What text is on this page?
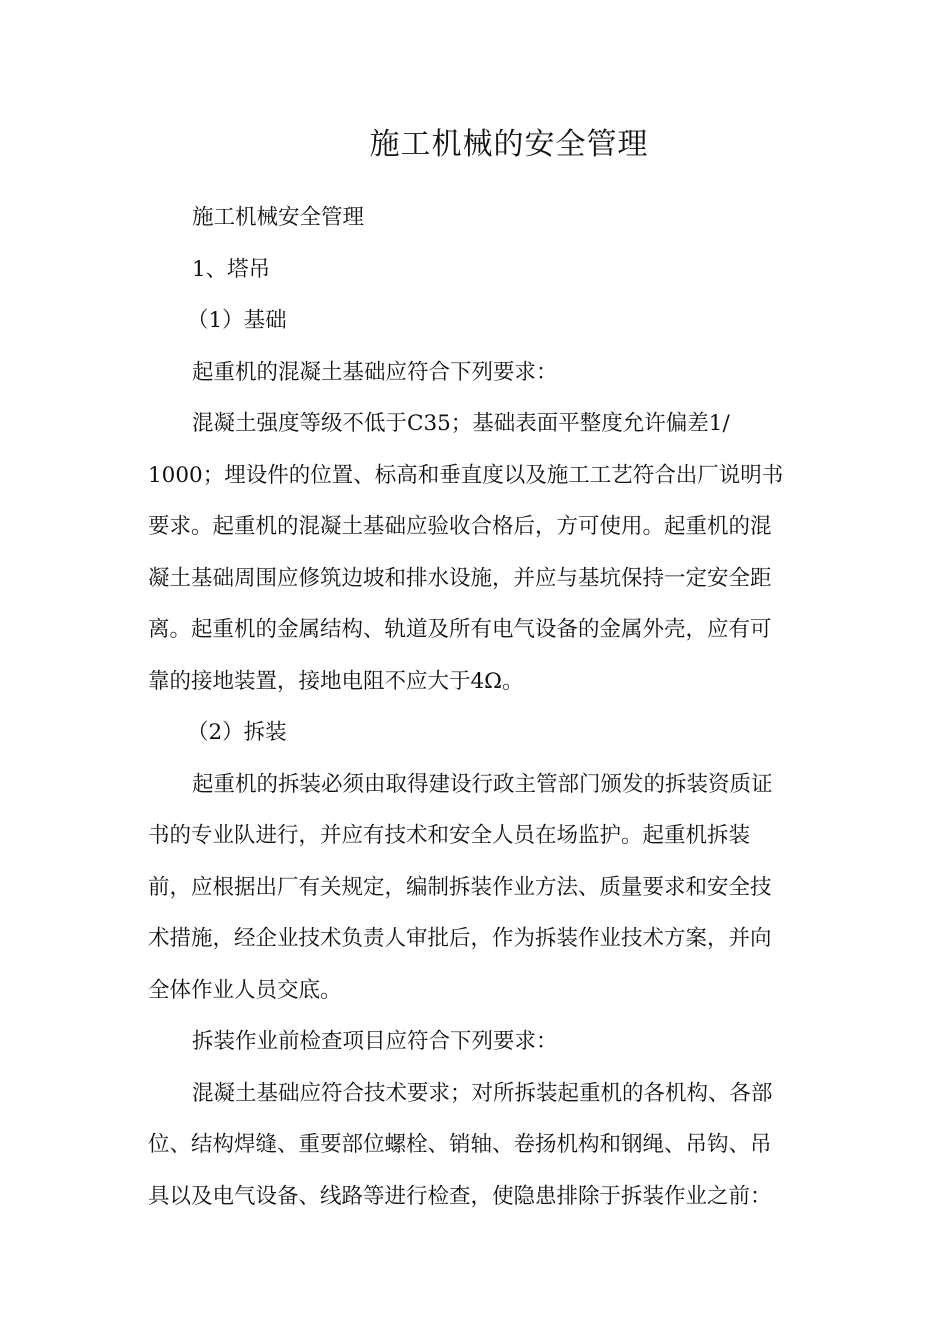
施工机械的安全管理

施工机械安全管理

1、塔吊

（1）基础

起重机的混凝土基础应符合下列要求：

混凝土强度等级不低于C35；基础表面平整度允许偏差1/

1000；埋设件的位置、标高和垂直度以及施工工艺符合出厂说明书

要求。起重机的混凝土基础应验收合格后，方可使用。起重机的混

凝土基础周围应修筑边坡和排水设施，并应与基坑保持一定安全距

离。起重机的金属结构、轨道及所有电气设备的金属外壳，应有可

靠的接地装置，接地电阻不应大于4Ω。

（2）拆装

起重机的拆装必须由取得建设行政主管部门颁发的拆装资质证

书的专业队进行，并应有技术和安全人员在场监护。起重机拆装

前，应根据出厂有关规定，编制拆装作业方法、质量要求和安全技

术措施，经企业技术负责人审批后，作为拆装作业技术方案，并向

全体作业人员交底。

拆装作业前检查项目应符合下列要求：

混凝土基础应符合技术要求；对所拆装起重机的各机构、各部

位、结构焊缝、重要部位螺栓、销轴、卷扬机构和钢绳、吊钩、吊

具以及电气设备、线路等进行检查，使隐患排除于拆装作业之前：
